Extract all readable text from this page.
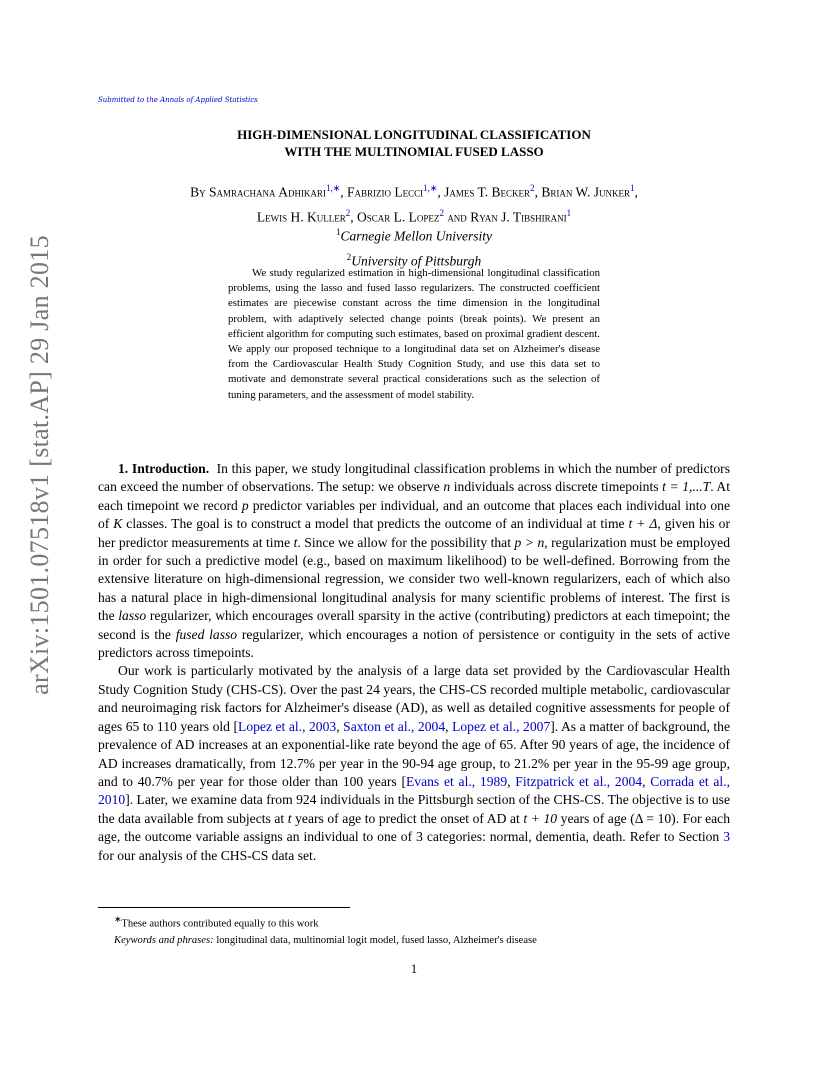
arXiv:1501.07518v1 [stat.AP] 29 Jan 2015
Submitted to the Annals of Applied Statistics
HIGH-DIMENSIONAL LONGITUDINAL CLASSIFICATION
WITH THE MULTINOMIAL FUSED LASSO
By Samrachana Adhikari$^{1,∗}$, Fabrizio Lecci$^{1,∗}$, James T. Becker$^2$, Brian W. Junker$^1$,
Lewis H. Kuller$^2$, Oscar L. Lopez$^2$ and Ryan J. Tibshirani$^1$
$^1$Carnegie Mellon University
$^2$University of Pittsburgh
We study regularized estimation in high-dimensional longitudinal classification problems, using the lasso and fused lasso regularizers. The constructed coefficient estimates are piecewise constant across the time dimension in the longitudinal problem, with adaptively selected change points (break points). We present an efficient algorithm for computing such estimates, based on proximal gradient descent. We apply our proposed technique to a longitudinal data set on Alzheimer's disease from the Cardiovascular Health Study Cognition Study, and use this data set to motivate and demonstrate several practical considerations such as the selection of tuning parameters, and the assessment of model stability.

1. Introduction. In this paper, we study longitudinal classification problems in which the number of predictors can exceed the number of observations. The setup: we observe n individuals across discrete timepoints t = 1,...T. At each timepoint we record p predictor variables per individual, and an outcome that places each individual into one of K classes. The goal is to construct a model that predicts the outcome of an individual at time t + Δ, given his or her predictor measurements at time t. Since we allow for the possibility that p > n, regularization must be employed in order for such a predictive model (e.g., based on maximum likelihood) to be well-defined. Borrowing from the extensive literature on high-dimensional regression, we consider two well-known regularizers, each of which also has a natural place in high-dimensional longitudinal analysis for many scientific problems of interest. The first is the lasso regularizer, which encourages overall sparsity in the active (contributing) predictors at each timepoint; the second is the fused lasso regularizer, which encourages a notion of persistence or contiguity in the sets of active predictors across timepoints.

Our work is particularly motivated by the analysis of a large data set provided by the Cardiovascular Health Study Cognition Study (CHS-CS). Over the past 24 years, the CHS-CS recorded multiple metabolic, cardiovascular and neuroimaging risk factors for Alzheimer's disease (AD), as well as detailed cognitive assessments for people of ages 65 to 110 years old [Lopez et al., 2003, Saxton et al., 2004, Lopez et al., 2007]. As a matter of background, the prevalence of AD increases at an exponential-like rate beyond the age of 65. After 90 years of age, the incidence of AD increases dramatically, from 12.7% per year in the 90-94 age group, to 21.2% per year in the 95-99 age group, and to 40.7% per year for those older than 100 years [Evans et al., 1989, Fitzpatrick et al., 2004, Corrada et al., 2010]. Later, we examine data from 924 individuals in the Pittsburgh section of the CHS-CS. The objective is to use the data available from subjects at t years of age to predict the onset of AD at t + 10 years of age (Δ = 10). For each age, the outcome variable assigns an individual to one of 3 categories: normal, dementia, death. Refer to Section 3 for our analysis of the CHS-CS data set.

∗These authors contributed equally to this work
Keywords and phrases: longitudinal data, multinomial logit model, fused lasso, Alzheimer's disease
1
